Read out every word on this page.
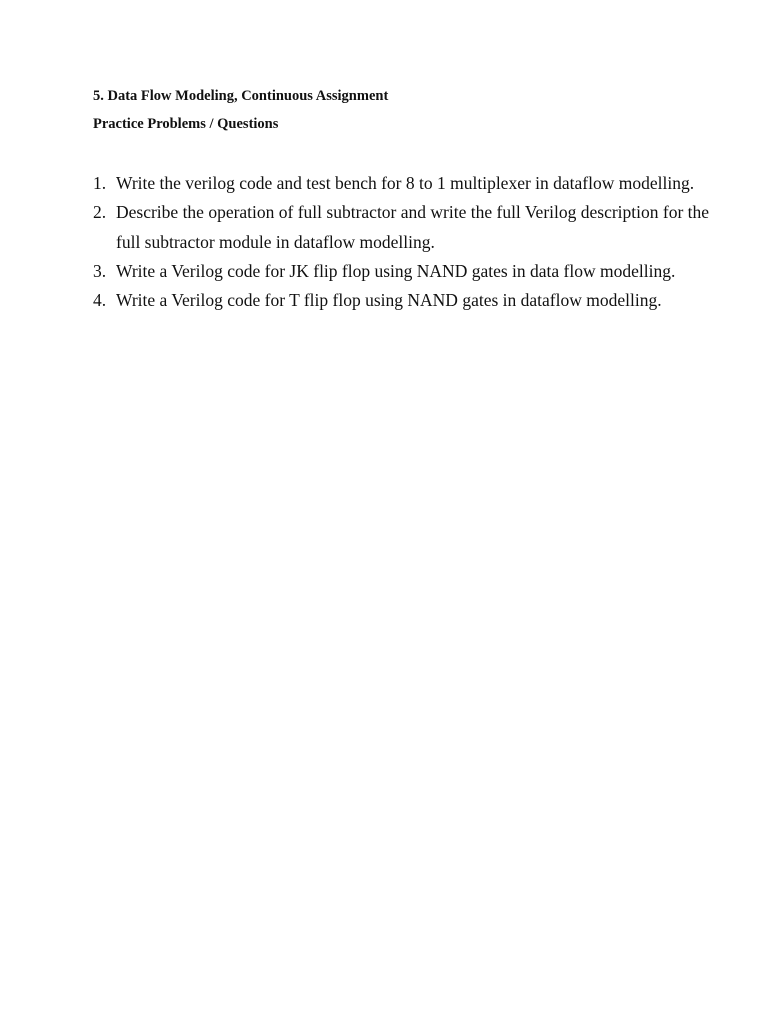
5. Data Flow Modeling, Continuous Assignment
Practice Problems / Questions
1. Write the verilog code and test bench for 8 to 1 multiplexer in dataflow modelling.
2. Describe the operation of full subtractor and write the full Verilog description for the full subtractor module in dataflow modelling.
3. Write a Verilog code for JK flip flop using NAND gates in data flow modelling.
4. Write a Verilog code for T flip flop using NAND gates in dataflow modelling.
